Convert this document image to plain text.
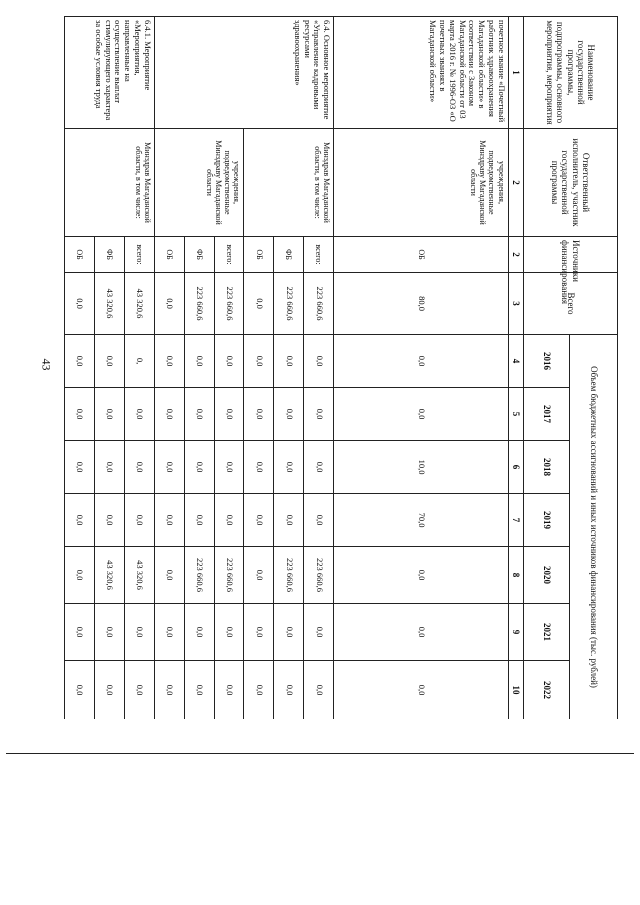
43
Наименование государственной программы, подпрограммы, основного мероприятия, мероприятия	Ответственный исполнитель, участник государственной программы	Источники финансирования	Всего	Объем бюджетных ассигнований и иных источников финансирования (тыс. рублей)						
				2016	2017	2018	2019	2020	2021	2022
1	2	2	3	4	5	6	7	8	9	10
почетное звание «Почетный работник здравоохранения Магаданской области» в соответствии с Законом Магаданской области от 03 марта 2016 г. № 1996-ОЗ «О почетных званиях в Магаданской области»	учреждения, подведомственные Минздраву Магаданской области	ОБ	80,0	0,0	0,0	10,0	70,0	0,0	0,0	0,0
6.4. Основное мероприятие «Управление кадровыми ресурсами здравоохранения»	Минздрав Магаданской области, в том числе:	всего:	223 660,6	0,0	0,0	0,0	0,0	223 660,6	0,0	0,0
		ФБ	223 660,6	0,0	0,0	0,0	0,0	223 660,6	0,0	0,0
		ОБ	0,0	0,0	0,0	0,0	0,0	0,0	0,0	0,0
	учреждения, подведомственные Минздраву Магаданской области	всего:	223 660,6	0,0	0,0	0,0	0,0	223 660,6	0,0	0,0
		ФБ	223 660,6	0,0	0,0	0,0	0,0	223 660,6	0,0	0,0
		ОБ	0,0	0,0	0,0	0,0	0,0	0,0	0,0	0,0
6.4.1. Мероприятие «Мероприятия, направленные на осуществление выплат стимулирующего характера за особые условия труда	Минздрав Магаданской области, в том числе:	всего:	43 320,6	0,	0,0	0,0	0,0	43 320,6	0,0	0,0
		ФБ	43 320,6	0,0	0,0	0,0	0,0	43 320,6	0,0	0,0
		ОБ	0,0	0,0	0,0	0,0	0,0	0,0	0,0	0,0
